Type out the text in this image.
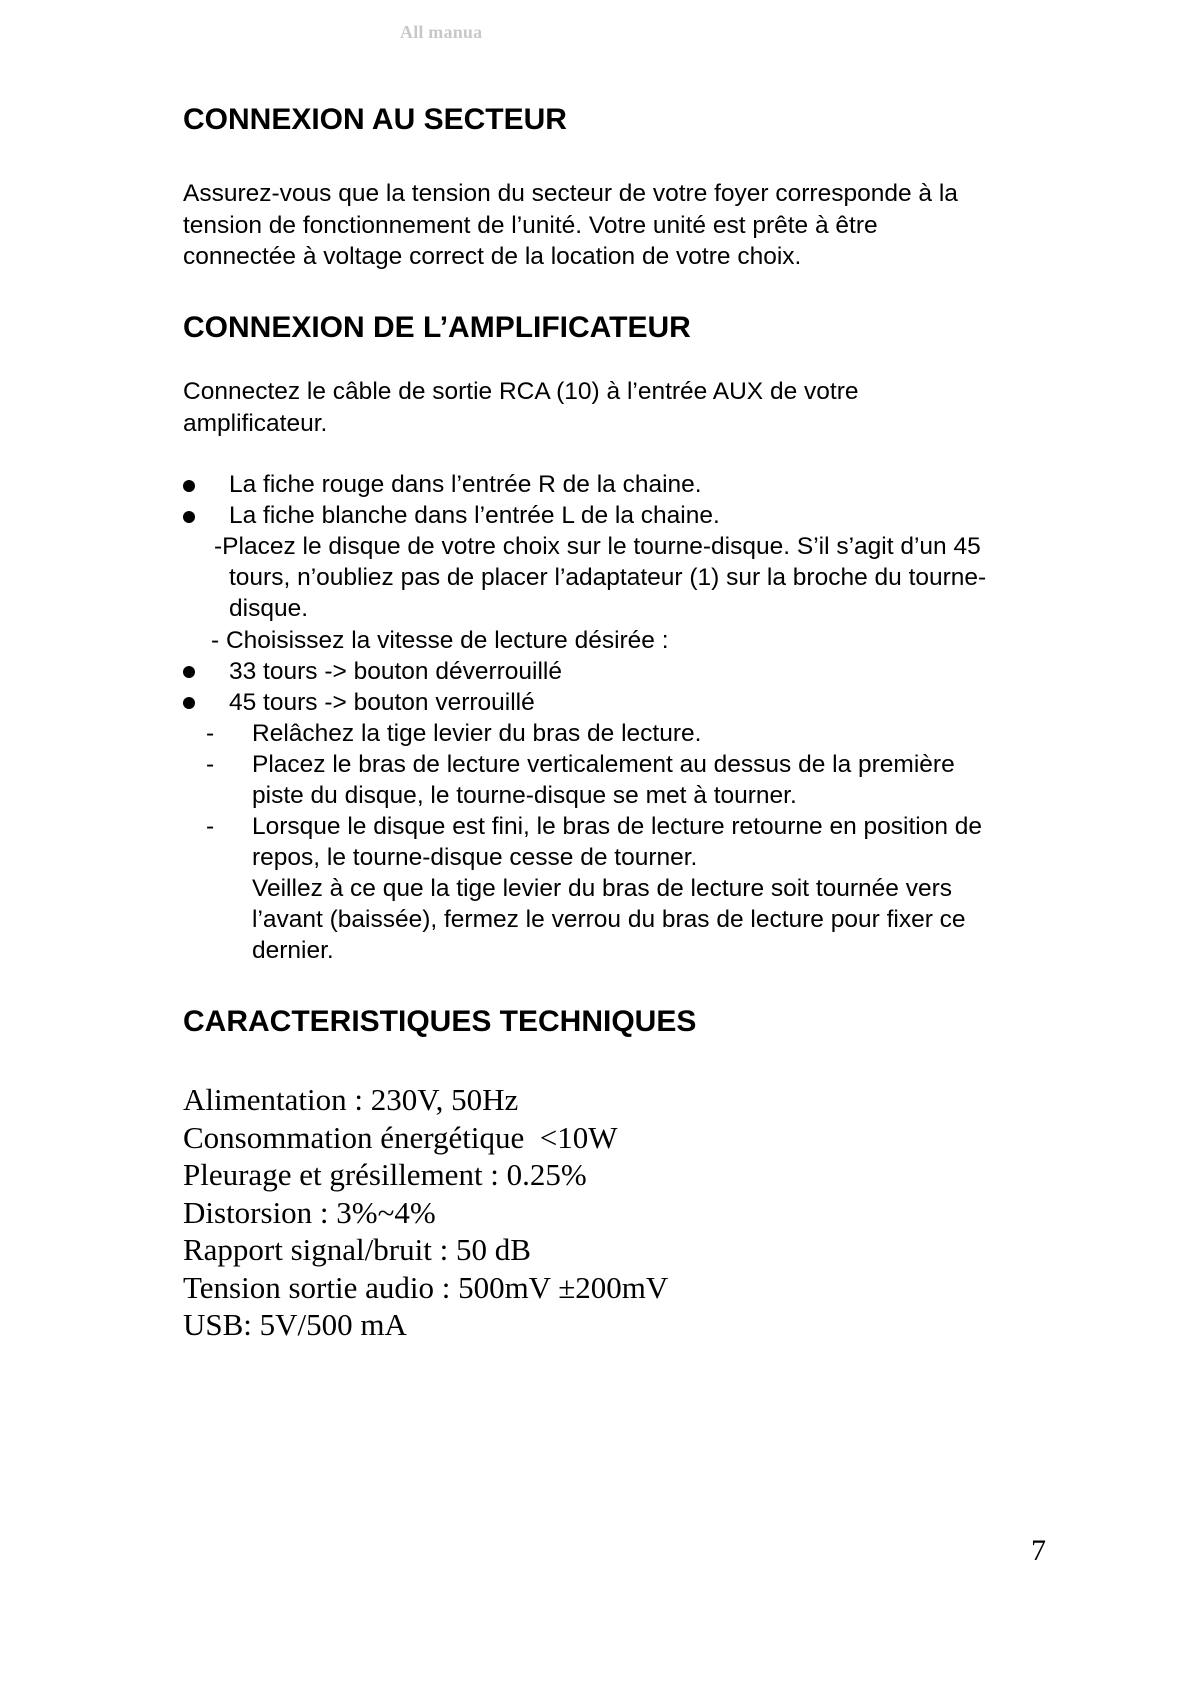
All manua
CONNEXION AU SECTEUR
Assurez-vous que la tension du secteur de votre foyer corresponde à la
tension de fonctionnement de l’unité. Votre unité est prête à être
connectée à voltage correct de la location de votre choix.
CONNEXION DE L’AMPLIFICATEUR
Connectez le câble de sortie RCA (10) à l’entrée AUX de votre
amplificateur.
La fiche rouge dans l’entrée R de la chaine.
La fiche blanche dans l’entrée L de la chaine.
-Placez le disque de votre choix sur le tourne-disque. S’il s’agit d’un 45
tours, n’oubliez pas de placer l’adaptateur (1) sur la broche du tourne-
disque.
- Choisissez la vitesse de lecture désirée :
33 tours -> bouton déverrouillé
45 tours -> bouton verrouillé
- Relâchez la tige levier du bras de lecture.
- Placez le bras de lecture verticalement au dessus de la première
piste du disque, le tourne-disque se met à tourner.
- Lorsque le disque est fini, le bras de lecture retourne en position de
repos, le tourne-disque cesse de tourner.
Veillez à ce que la tige levier du bras de lecture soit tournée vers
l’avant (baissée), fermez le verrou du bras de lecture pour fixer ce
dernier.
CARACTERISTIQUES TECHNIQUES
Alimentation : 230V, 50Hz
Consommation énergétique  <10W
Pleurage et grésillement : 0.25%
Distorsion : 3%~4%
Rapport signal/bruit : 50 dB
Tension sortie audio : 500mV ±200mV
USB: 5V/500 mA
7
